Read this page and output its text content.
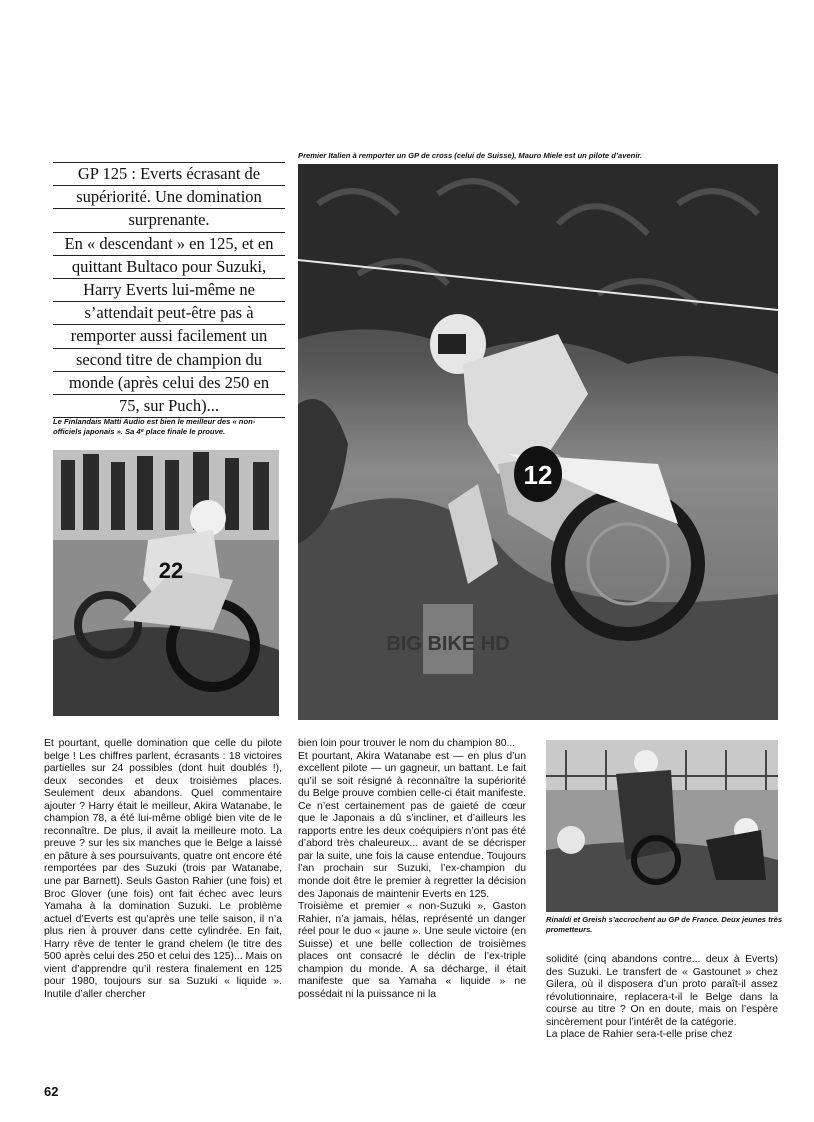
GP 125 : Everts écrasant de
supériorité. Une domination
surprenante.
En « descendant » en 125, et en
quittant Bultaco pour Suzuki,
Harry Everts lui-même ne
s’attendait peut-être pas à
remporter aussi facilement un
second titre de champion du
monde (après celui des 250 en
75, sur Puch)...
Premier Italien à remporter un GP de cross (celui de Suisse), Mauro Miele est un pilote d’avenir.
12
BIG BIKE HD
Le Finlandais Matti Audio est bien le meilleur des « non-officiels japonais ». Sa 4ᵉ place finale le prouve.
22
Rinaldi et Greish s’accrochent au GP de France. Deux jeunes très prometteurs.

Et pourtant, quelle domination que celle du pilote belge ! Les chiffres parlent, écrasants : 18 victoires partielles sur 24 possibles (dont huit doublés !), deux secondes et deux troisièmes places. Seulement deux abandons. Quel commentaire ajouter ? Harry était le meilleur, Akira Watanabe, le champion 78, a été lui-même obligé bien vite de le reconnaître. De plus, il avait la meilleure moto. La preuve ? sur les six manches que le Belge a laissé en pâture à ses poursuivants, quatre ont encore été remportées par des Suzuki (trois par Watanabe, une par Barnett). Seuls Gaston Rahier (une fois) et Broc Glover (une fois) ont fait échec avec leurs Yamaha à la domination Suzuki. Le problème actuel d’Everts est qu’après une telle saison, il n’a plus rien à prouver dans cette cylindrée. En fait, Harry rêve de tenter le grand chelem (le titre des 500 après celui des 250 et celui des 125)... Mais on vient d’apprendre qu’il restera finalement en 125 pour 1980, toujours sur sa Suzuki « liquide ». Inutile d’aller chercher

bien loin pour trouver le nom du champion 80...

Et pourtant, Akira Watanabe est — en plus d’un excellent pilote — un gagneur, un battant. Le fait qu’il se soit résigné à reconnaître la supériorité du Belge prouve combien celle-ci était manifeste. Ce n’est certainement pas de gaieté de cœur que le Japonais a dû s’incliner, et d’ailleurs les rapports entre les deux coéquipiers n’ont pas été d’abord très chaleureux... avant de se décrisper par la suite, une fois la cause entendue. Toujours l’an prochain sur Suzuki, l’ex-champion du monde doit être le premier à regretter la décision des Japonais de maintenir Everts en 125.

Troisième et premier « non-Suzuki », Gaston Rahier, n’a jamais, hélas, représenté un danger réel pour le duo « jaune ». Une seule victoire (en Suisse) et une belle collection de troisièmes places ont consacré le déclin de l’ex-triple champion du monde. A sa décharge, il était manifeste que sa Yamaha « liquide » ne possédait ni la puissance ni la

solidité (cinq abandons contre... deux à Everts) des Suzuki. Le transfert de « Gastounet » chez Gilera, où il disposera d’un proto paraît-il assez révolutionnaire, replacera-t-il le Belge dans la course au titre ? On en doute, mais on l’espère sincèrement pour l’intérêt de la catégorie.

La place de Rahier sera-t-elle prise chez

62
